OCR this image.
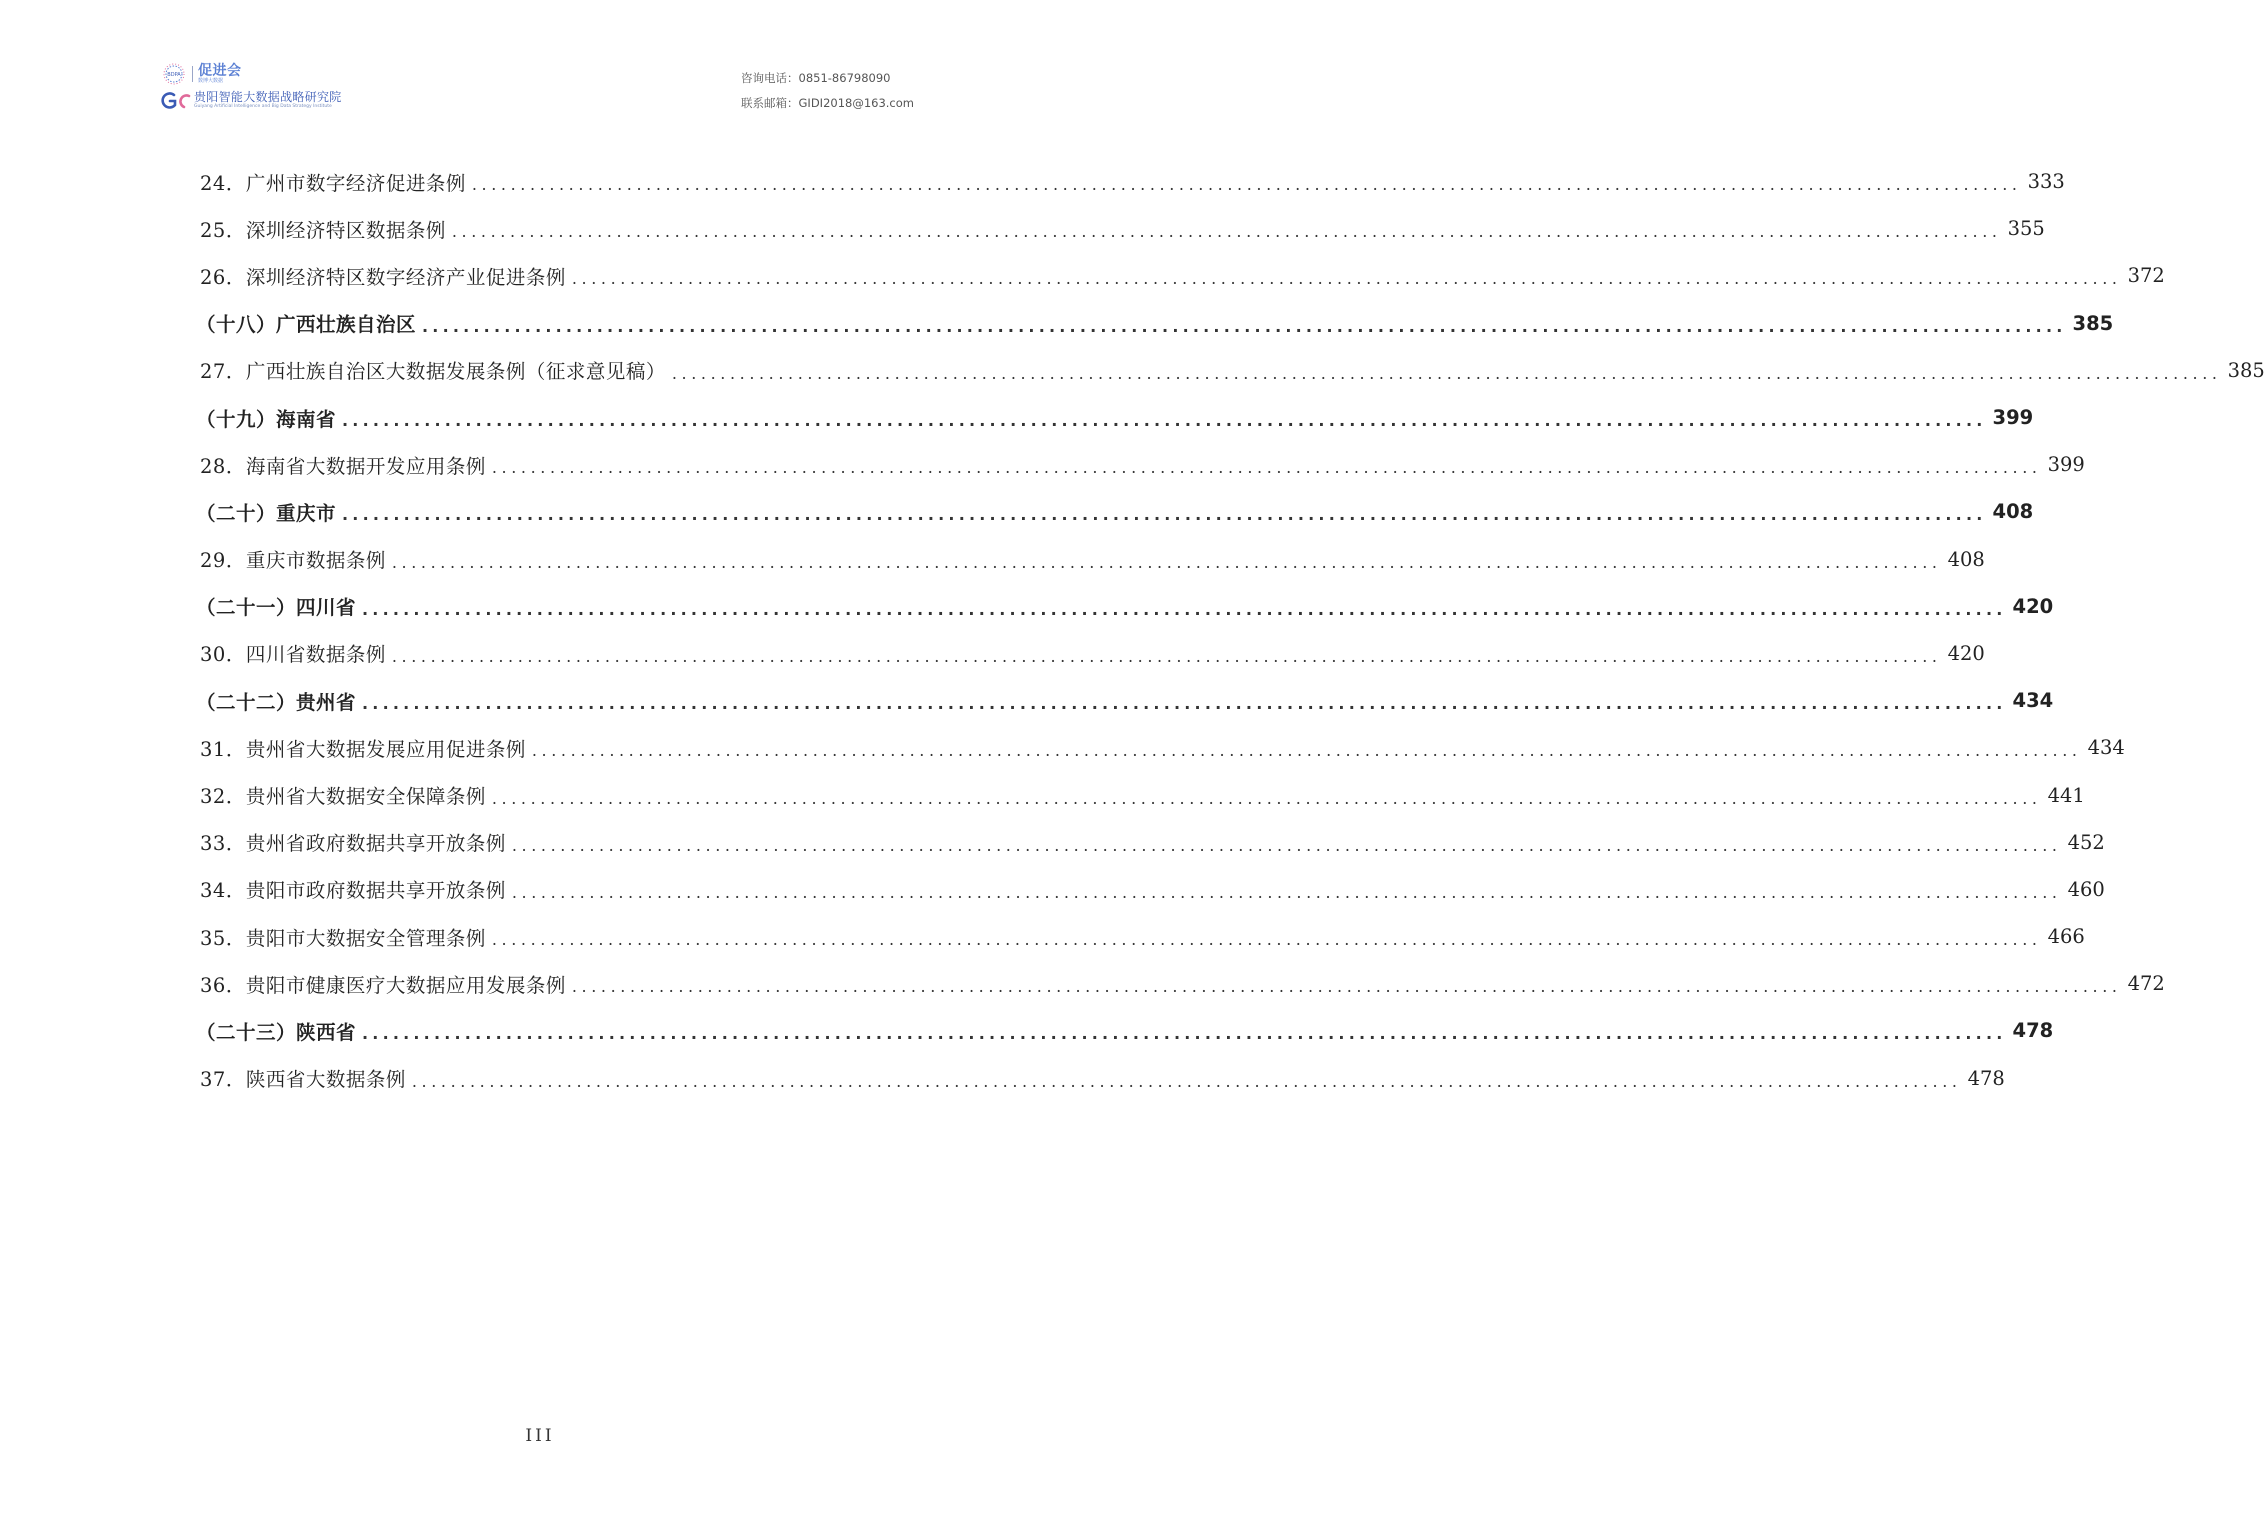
BDPA 促进会
数博大数据
贵阳智能大数据战略研究院
Guiyang Artificial Intelligence and Big Data Strategy Institute
咨询电话：0851-86798090
联系邮箱：GIDI2018@163.com
24．广州市数字经济促进条例 ................................................................................................................................................................ 333
25．深圳经济特区数据条例 ................................................................................................................................................................ 355
26．深圳经济特区数字经济产业促进条例 ................................................................................................................................................................ 372
（十八）广西壮族自治区 ................................................................................................................................................................ 385
27．广西壮族自治区大数据发展条例（征求意见稿） ................................................................................................................................................................ 385
（十九）海南省 ................................................................................................................................................................ 399
28．海南省大数据开发应用条例 ................................................................................................................................................................ 399
（二十）重庆市 ................................................................................................................................................................ 408
29．重庆市数据条例 ................................................................................................................................................................ 408
（二十一）四川省 ................................................................................................................................................................ 420
30．四川省数据条例 ................................................................................................................................................................ 420
（二十二）贵州省 ................................................................................................................................................................ 434
31．贵州省大数据发展应用促进条例 ................................................................................................................................................................ 434
32．贵州省大数据安全保障条例 ................................................................................................................................................................ 441
33．贵州省政府数据共享开放条例 ................................................................................................................................................................ 452
34．贵阳市政府数据共享开放条例 ................................................................................................................................................................ 460
35．贵阳市大数据安全管理条例 ................................................................................................................................................................ 466
36．贵阳市健康医疗大数据应用发展条例 ................................................................................................................................................................ 472
（二十三）陕西省 ................................................................................................................................................................ 478
37．陕西省大数据条例 ................................................................................................................................................................ 478
III
